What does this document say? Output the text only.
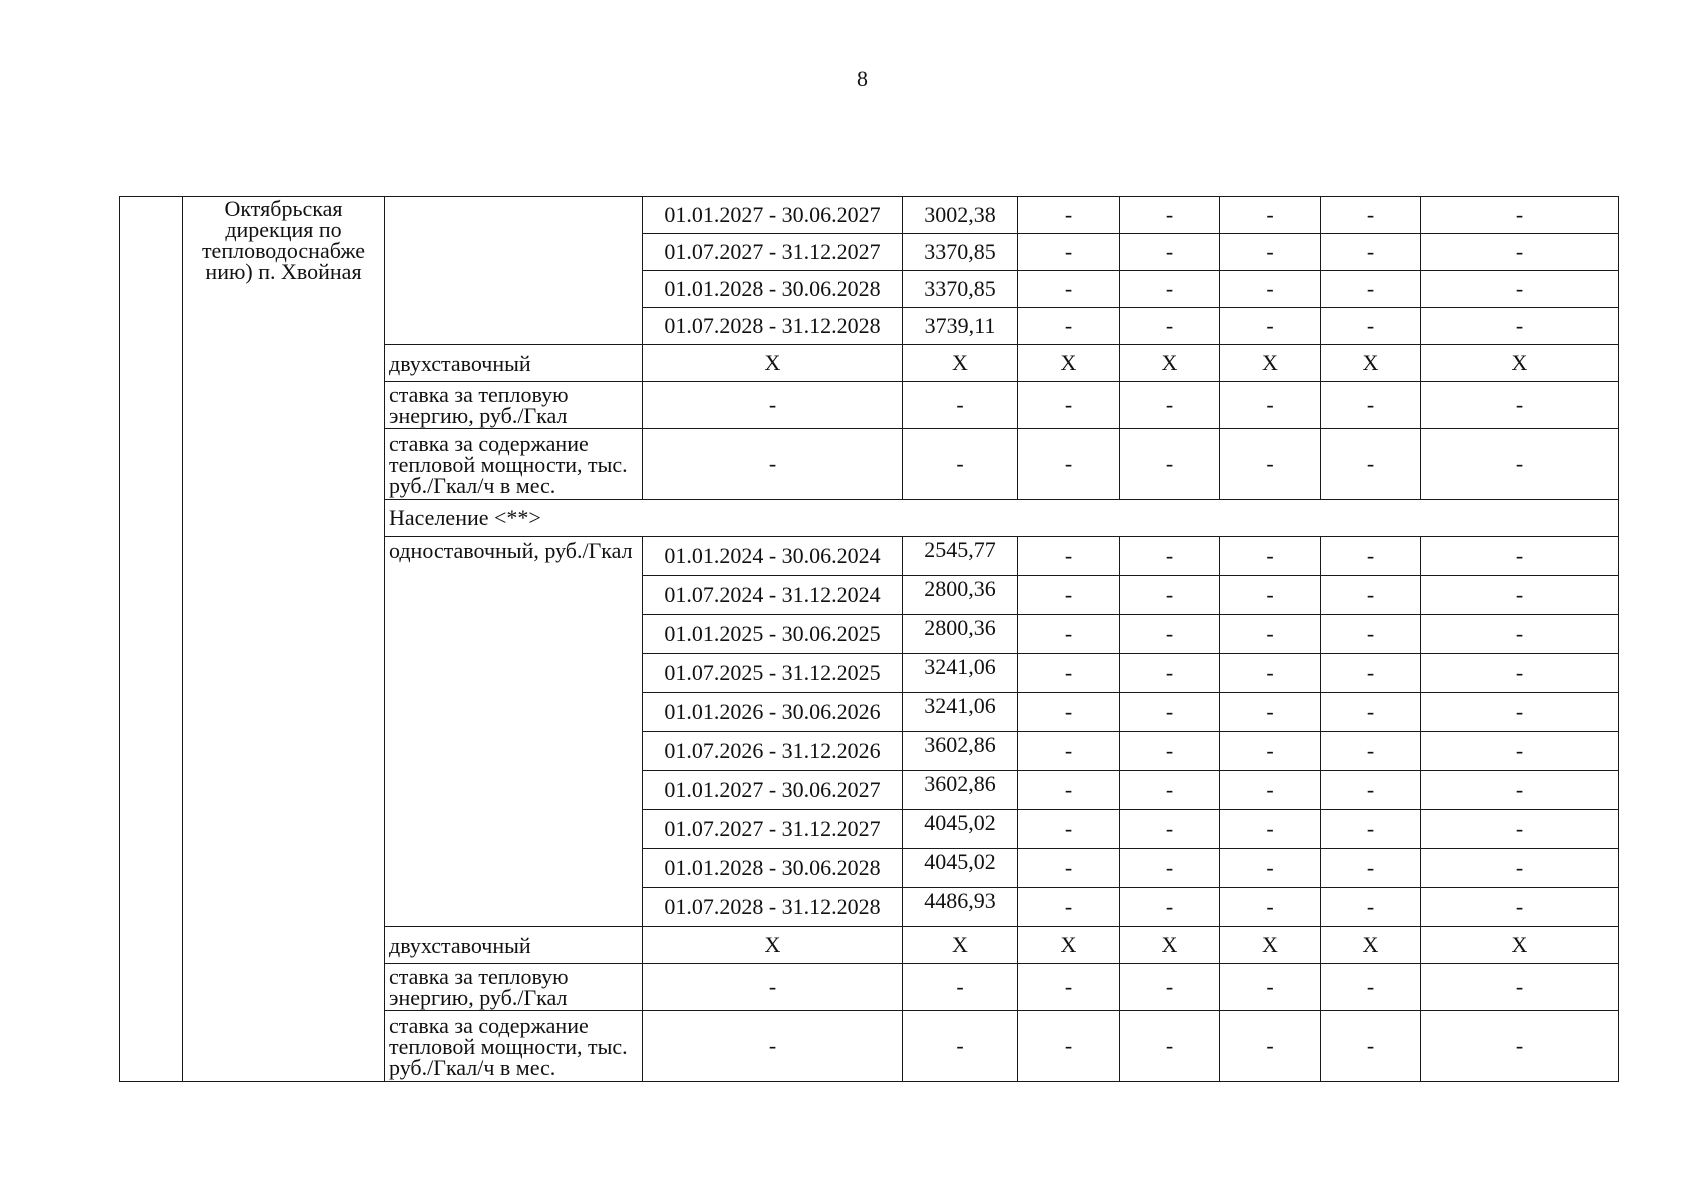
8
	Октябрьская дирекция по тепловодоснабже нию) п. Хвойная		01.01.2027 - 30.06.2027	3002,38	-	-	-	-	-
			01.07.2027 - 31.12.2027	3370,85	-	-	-	-	-
			01.01.2028 - 30.06.2028	3370,85	-	-	-	-	-
			01.07.2028 - 31.12.2028	3739,11	-	-	-	-	-
		двухставочный	X	X	X	X	X	X	X
		ставка за тепловую энергию, руб./Гкал	-	-	-	-	-	-	-
		ставка за содержание тепловой мощности, тыс. руб./Гкал/ч в мес.	-	-	-	-	-	-	-
		Население <**>							
		одноставочный, руб./Гкал	01.01.2024 - 30.06.2024	2545,77	-	-	-	-	-
			01.07.2024 - 31.12.2024	2800,36	-	-	-	-	-
			01.01.2025 - 30.06.2025	2800,36	-	-	-	-	-
			01.07.2025 - 31.12.2025	3241,06	-	-	-	-	-
			01.01.2026 - 30.06.2026	3241,06	-	-	-	-	-
			01.07.2026 - 31.12.2026	3602,86	-	-	-	-	-
			01.01.2027 - 30.06.2027	3602,86	-	-	-	-	-
			01.07.2027 - 31.12.2027	4045,02	-	-	-	-	-
			01.01.2028 - 30.06.2028	4045,02	-	-	-	-	-
			01.07.2028 - 31.12.2028	4486,93	-	-	-	-	-
		двухставочный	X	X	X	X	X	X	X
		ставка за тепловую энергию, руб./Гкал	-	-	-	-	-	-	-
		ставка за содержание тепловой мощности, тыс. руб./Гкал/ч в мес.	-	-	-	-	-	-	-
